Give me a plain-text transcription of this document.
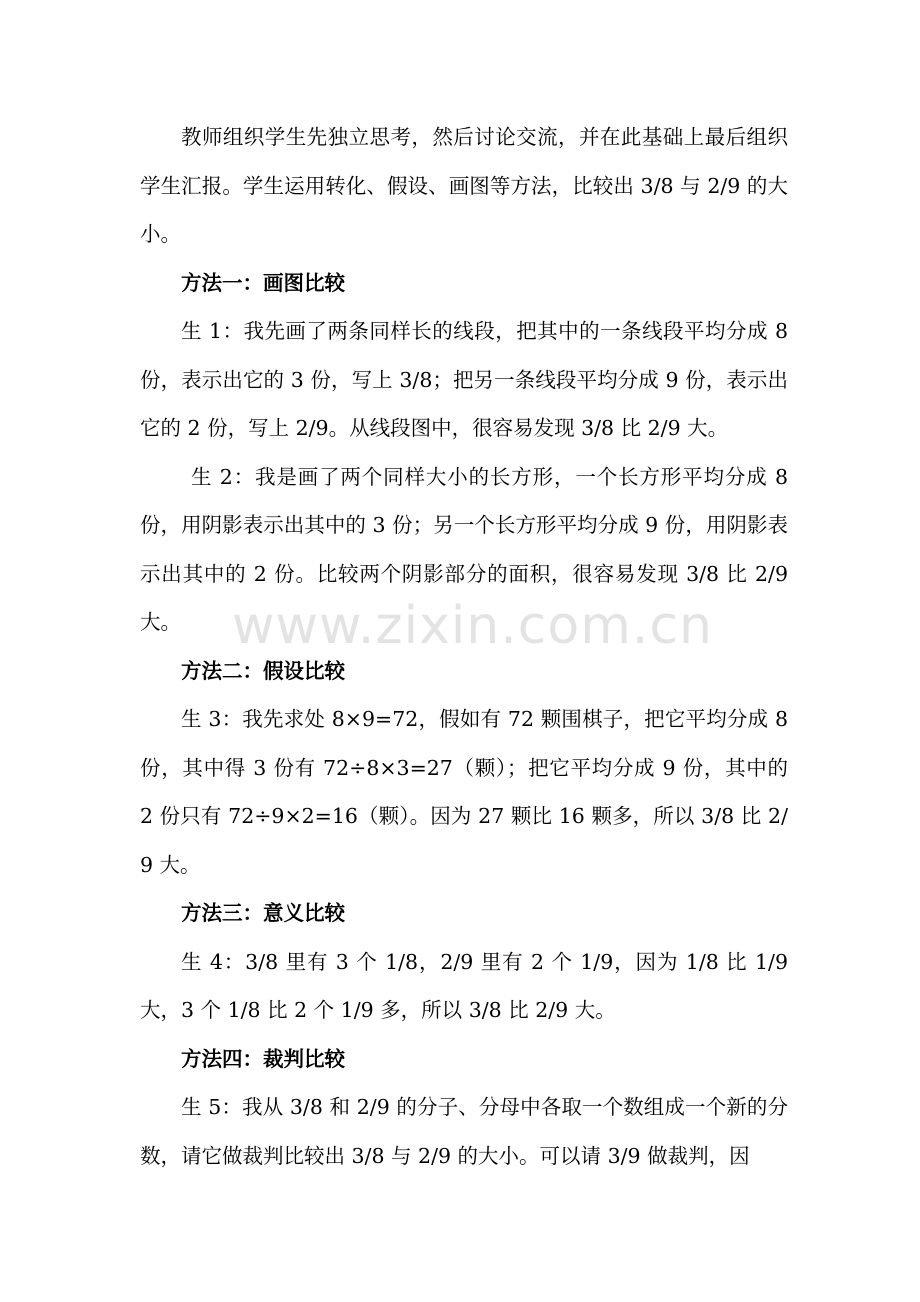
教师组织学生先独立思考，然后讨论交流，并在此基础上最后组织学生汇报。学生运用转化、假设、画图等方法，比较出 3/8 与 2/9 的大小。

方法一：画图比较

生 1：我先画了两条同样长的线段，把其中的一条线段平均分成 8 份，表示出它的 3 份，写上 3/8；把另一条线段平均分成 9 份，表示出它的 2 份，写上 2/9。从线段图中，很容易发现 3/8 比 2/9 大。

生 2：我是画了两个同样大小的长方形，一个长方形平均分成 8 份，用阴影表示出其中的 3 份；另一个长方形平均分成 9 份，用阴影表示出其中的 2 份。比较两个阴影部分的面积，很容易发现 3/8 比 2/9 大。

方法二：假设比较

生 3：我先求处 8×9=72，假如有 72 颗围棋子，把它平均分成 8 份，其中得 3 份有 72÷8×3=27（颗）；把它平均分成 9 份，其中的 2 份只有 72÷9×2=16（颗）。因为 27 颗比 16 颗多，所以 3/8 比 2/9 大。

方法三：意义比较

生 4：3/8 里有 3 个 1/8，2/9 里有 2 个 1/9，因为 1/8 比 1/9 大，3 个 1/8 比 2 个 1/9 多，所以 3/8 比 2/9 大。

方法四：裁判比较

生 5：我从 3/8 和 2/9 的分子、分母中各取一个数组成一个新的分数，请它做裁判比较出 3/8 与 2/9 的大小。可以请 3/9 做裁判，因

www.zixin.com.cn
